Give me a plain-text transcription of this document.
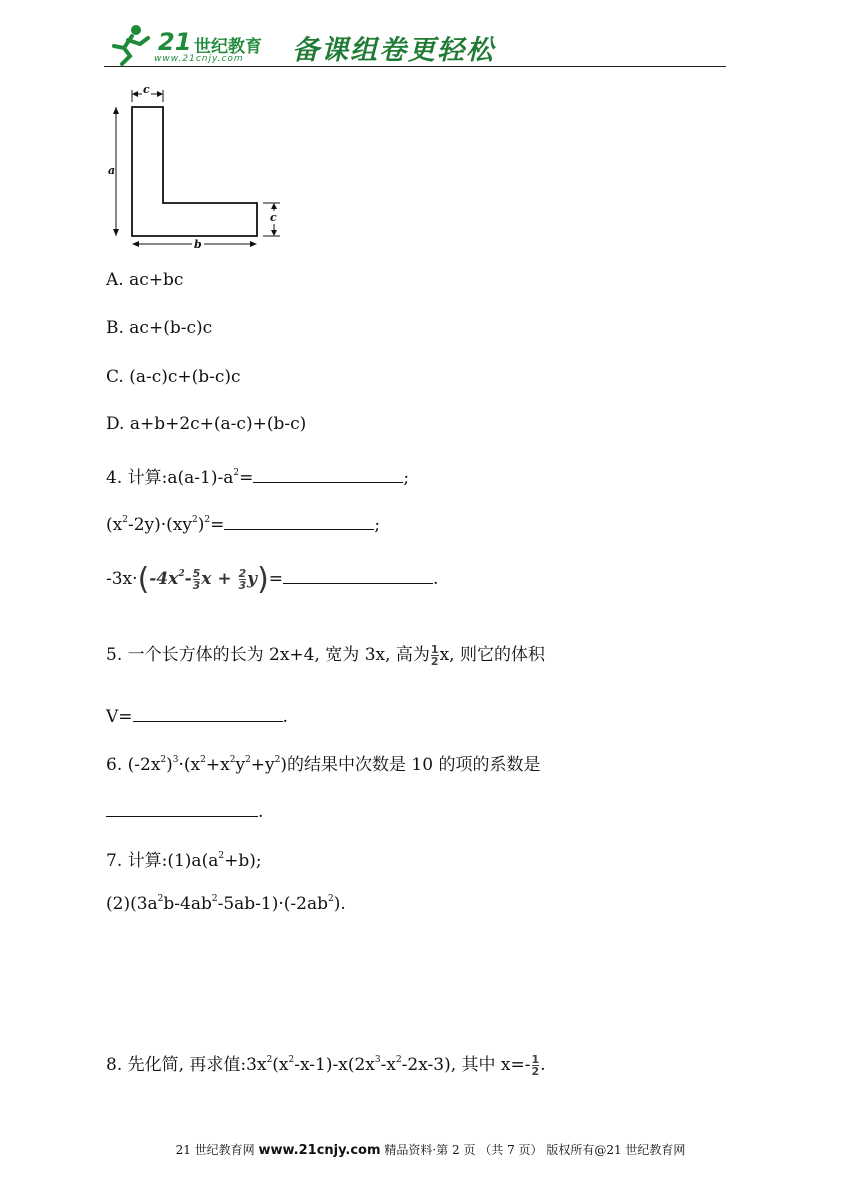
21 世纪教育
www.21cnjy.com 备课组卷更轻松
c
a
c
b
A. ac+bc
B. ac+(b-c)c
C. (a-c)c+(b-c)c
D. a+b+2c+(a-c)+(b-c)
4. 计算$:a(a-1)-a^2=$	;
$(x^2-2y)\cdot(xy^2)^2=$	;
$-3x\cdot(-4x^2- \frac{5}{3}$ $x + \frac{2}{3} y)=$	.
5. 一个长方体的长为 2x+4, 宽为 3x, 高为 $\frac{1}{2} x$, 则它的体积
V=	.
6. $(-2x^2)^3\cdot(x^2+x^2y^2+y^2)$的结果中次数是 10 的项的系数是
.
7. 计算$:(1)a(a^2+b)$;
$(2)(3a^2b-4ab^2-5ab-1)\cdot(-2ab^2)$.
8. 先化简, 再求值$:3x^2(x^2-x-1)-x(2x^3-x^2-2x-3)$, 其中 $x=- \frac{1}{2}$ .
21 世纪教育网 www.21cnjy.com 精品资料·第 2 页 （共 7 页） 版权所有@21 世纪教育网
